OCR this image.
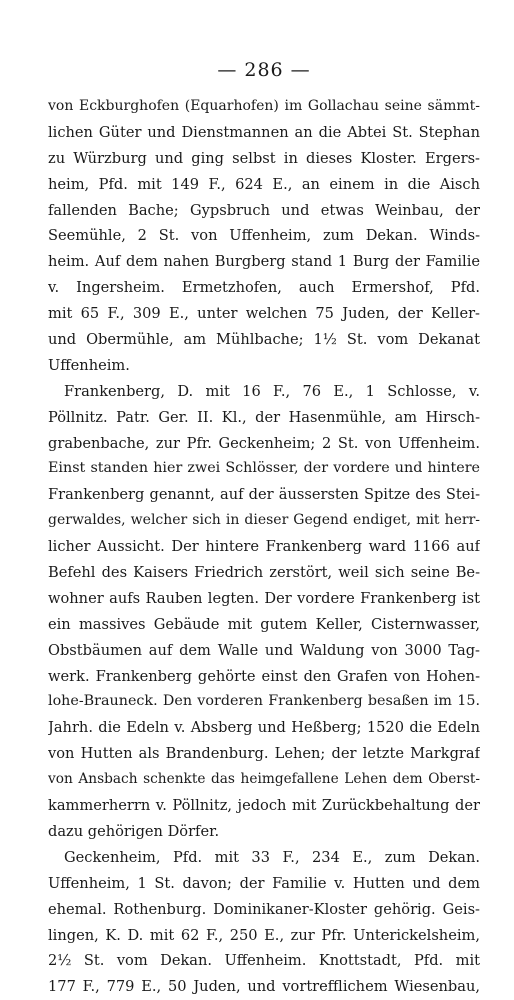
— 286 —
von Eckburghofen (Equarhofen) im Gollachau seine sämmt-
lichen Güter und Dienstmannen an die Abtei St. Stephan
zu Würzburg und ging selbst in dieses Kloster. Ergers-
heim, Pfd. mit 149 F., 624 E., an einem in die Aisch
fallenden Bache; Gypsbruch und etwas Weinbau, der
Seemühle, 2 St. von Uffenheim, zum Dekan. Winds-
heim. Auf dem nahen Burgberg stand 1 Burg der Familie
v. Ingersheim. Ermetzhofen, auch Ermershof, Pfd.
mit 65 F., 309 E., unter welchen 75 Juden, der Keller-
und Obermühle, am Mühlbache; 1½ St. vom Dekanat
Uffenheim.
Frankenberg, D. mit 16 F., 76 E., 1 Schlosse, v.
Pöllnitz. Patr. Ger. II. Kl., der Hasenmühle, am Hirsch-
grabenbache, zur Pfr. Geckenheim; 2 St. von Uffenheim.
Einst standen hier zwei Schlösser, der vordere und hintere
Frankenberg genannt, auf der äussersten Spitze des Stei-
gerwaldes, welcher sich in dieser Gegend endiget, mit herr-
licher Aussicht. Der hintere Frankenberg ward 1166 auf
Befehl des Kaisers Friedrich zerstört, weil sich seine Be-
wohner aufs Rauben legten. Der vordere Frankenberg ist
ein massives Gebäude mit gutem Keller, Cisternwasser,
Obstbäumen auf dem Walle und Waldung von 3000 Tag-
werk. Frankenberg gehörte einst den Grafen von Hohen-
lohe-Brauneck. Den vorderen Frankenberg besaßen im 15.
Jahrh. die Edeln v. Absberg und Heßberg; 1520 die Edeln
von Hutten als Brandenburg. Lehen; der letzte Markgraf
von Ansbach schenkte das heimgefallene Lehen dem Oberst-
kammerherrn v. Pöllnitz, jedoch mit Zurückbehaltung der
dazu gehörigen Dörfer.
Geckenheim, Pfd. mit 33 F., 234 E., zum Dekan.
Uffenheim, 1 St. davon; der Familie v. Hutten und dem
ehemal. Rothenburg. Dominikaner-Kloster gehörig. Geis-
lingen, K. D. mit 62 F., 250 E., zur Pfr. Unterickelsheim,
2½ St. vom Dekan. Uffenheim. Knottstadt, Pfd. mit
177 F., 779 E., 50 Juden, und vortrefflichem Wiesenbau,
